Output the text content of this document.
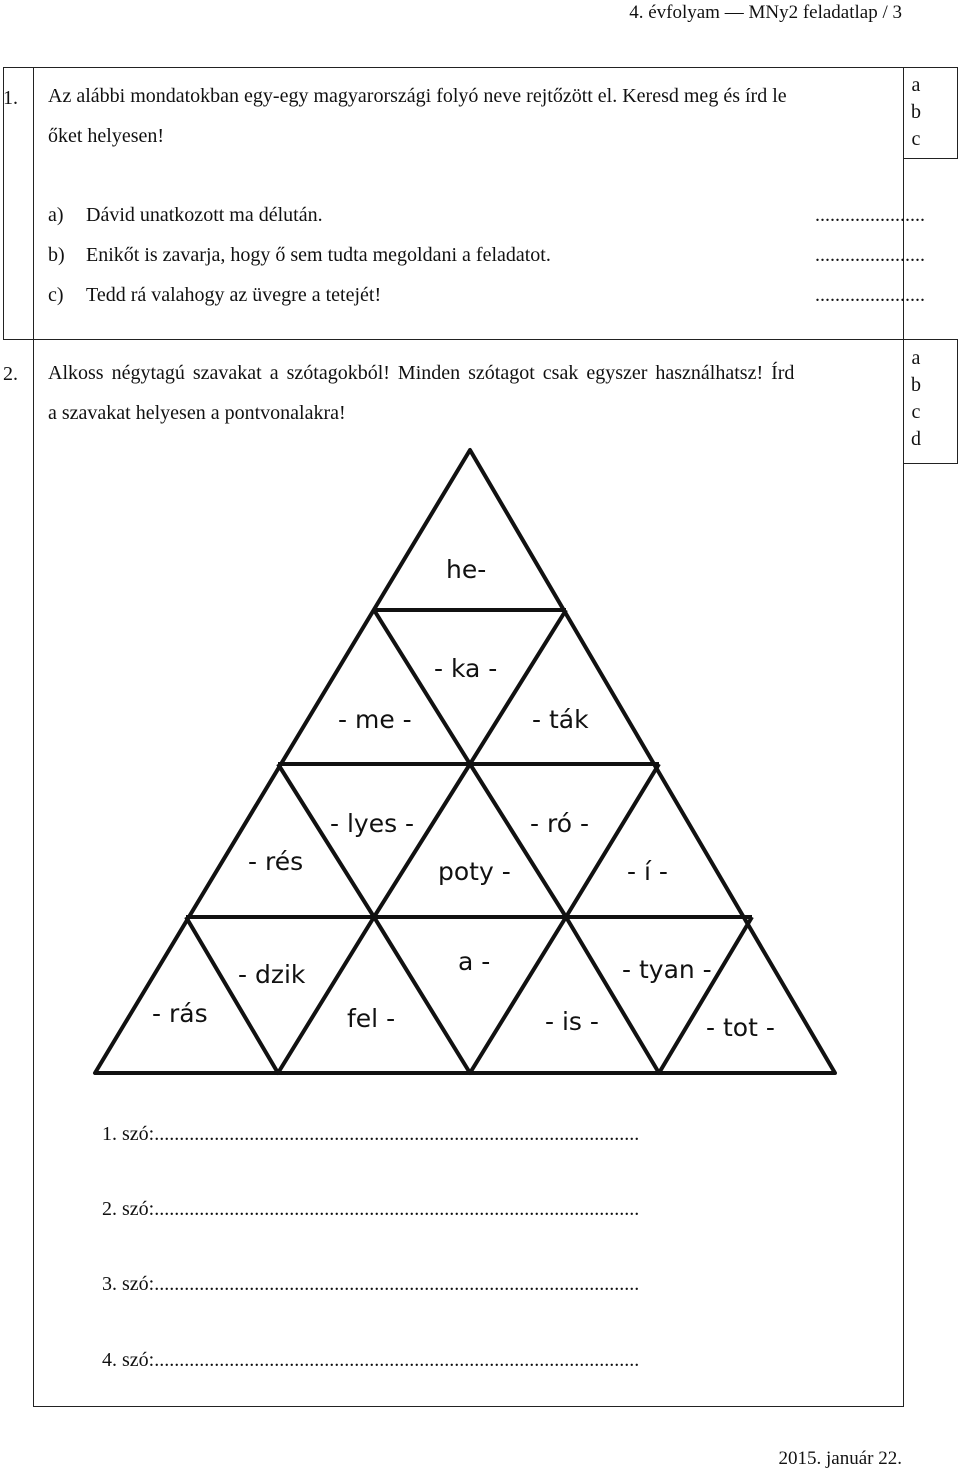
4. évfolyam — MNy2 feladatlap / 3
1. Az alábbi mondatokban egy-egy magyarországi folyó neve rejtőzött el. Keresd meg és írd le
őket helyesen!
a
b
c
a) Dávid unatkozott ma délután.	......................
b) Enikőt is zavarja, hogy ő sem tudta megoldani a feladatot.	......................
c) Tedd rá valahogy az üvegre a tetejét!	......................
2. Alkoss négytagú szavakat a szótagokból! Minden szótagot csak egyszer használhatsz! Írd
a szavakat helyesen a pontvonalakra!
a
b
c
d
he-
- ka -
- me -	- ták
- lyes -	- ró -
- rés	poty -	- í -
a -
- dzik	- tyan -
- rás	fel -	- is -	- tot -
1. szó:.................................................................................................
2. szó:.................................................................................................
3. szó:.................................................................................................
4. szó:.................................................................................................
2015. január 22.
